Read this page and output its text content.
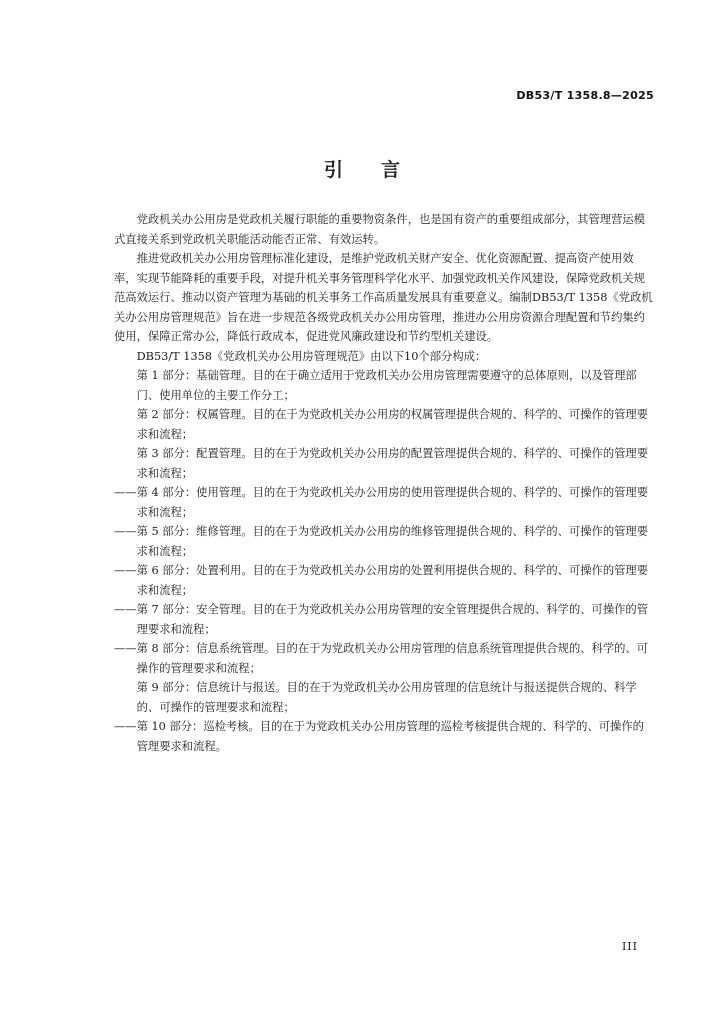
DB53/T 1358.8—2025
引言

党政机关办公用房是党政机关履行职能的重要物资条件，也是国有资产的重要组成部分，其管理营运模式直接关系到党政机关职能活动能否正常、有效运转。

推进党政机关办公用房管理标准化建设，是维护党政机关财产安全、优化资源配置、提高资产使用效率，实现节能降耗的重要手段，对提升机关事务管理科学化水平、加强党政机关作风建设，保障党政机关规范高效运行、推动以资产管理为基础的机关事务工作高质量发展具有重要意义。编制DB53/T 1358《党政机关办公用房管理规范》旨在进一步规范各级党政机关办公用房管理，推进办公用房资源合理配置和节约集约使用，保障正常办公，降低行政成本，促进党风廉政建设和节约型机关建设。

DB53/T 1358《党政机关办公用房管理规范》由以下10个部分构成：

第 1 部分：基础管理。目的在于确立适用于党政机关办公用房管理需要遵守的总体原则，以及管理部门、使用单位的主要工作分工；

第 2 部分：权属管理。目的在于为党政机关办公用房的权属管理提供合规的、科学的、可操作的管理要求和流程；

第 3 部分：配置管理。目的在于为党政机关办公用房的配置管理提供合规的、科学的、可操作的管理要求和流程；

——第 4 部分：使用管理。目的在于为党政机关办公用房的使用管理提供合规的、科学的、可操作的管理要求和流程；

——第 5 部分：维修管理。目的在于为党政机关办公用房的维修管理提供合规的、科学的、可操作的管理要求和流程；

——第 6 部分：处置利用。目的在于为党政机关办公用房的处置利用提供合规的、科学的、可操作的管理要求和流程；

——第 7 部分：安全管理。目的在于为党政机关办公用房管理的安全管理提供合规的、科学的、可操作的管理要求和流程；

——第 8 部分：信息系统管理。目的在于为党政机关办公用房管理的信息系统管理提供合规的、科学的、可操作的管理要求和流程；

第 9 部分：信息统计与报送。目的在于为党政机关办公用房管理的信息统计与报送提供合规的、科学的、可操作的管理要求和流程；

——第 10 部分：巡检考核。目的在于为党政机关办公用房管理的巡检考核提供合规的、科学的、可操作的管理要求和流程。

III
